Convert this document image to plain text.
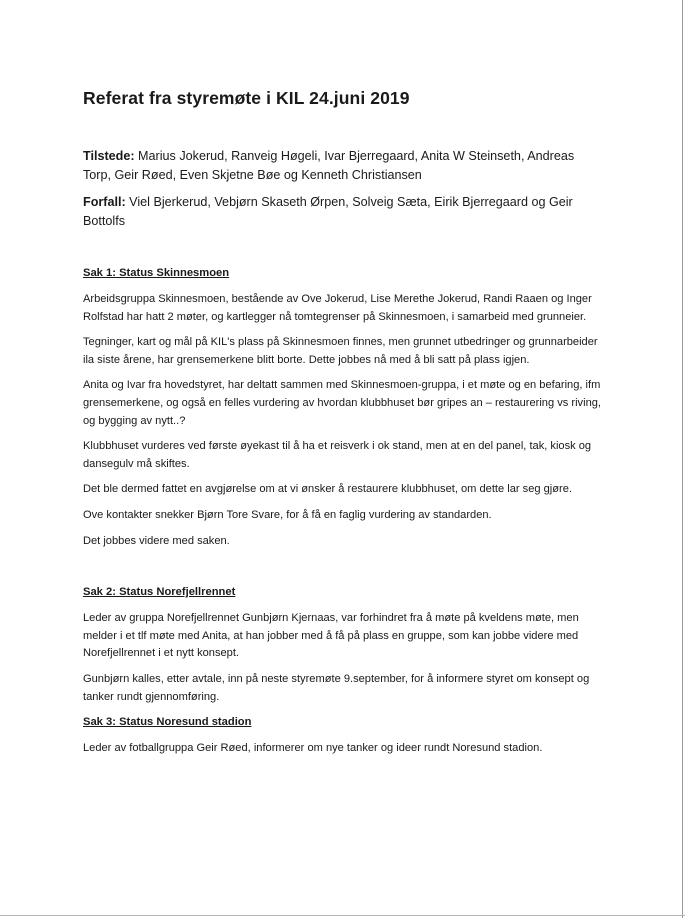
Referat fra styremøte i KIL 24.juni 2019

Tilstede: Marius Jokerud, Ranveig Høgeli, Ivar Bjerregaard, Anita W Steinseth, Andreas Torp, Geir Røed, Even Skjetne Bøe og Kenneth Christiansen

Forfall: Viel Bjerkerud, Vebjørn Skaseth Ørpen, Solveig Sæta, Eirik Bjerregaard og Geir Bottolfs

Sak 1: Status Skinnesmoen

Arbeidsgruppa Skinnesmoen, bestående av Ove Jokerud, Lise Merethe Jokerud, Randi Raaen og Inger Rolfstad har hatt 2 møter, og kartlegger nå tomtegrenser på Skinnesmoen, i samarbeid med grunneier.

Tegninger, kart og mål på KIL's plass på Skinnesmoen finnes, men grunnet utbedringer og grunnarbeider ila siste årene, har grensemerkene blitt borte. Dette jobbes nå med å bli satt på plass igjen.

Anita og Ivar fra hovedstyret, har deltatt sammen med Skinnesmoen-gruppa, i et møte og en befaring, ifm grensemerkene, og også en felles vurdering av hvordan klubbhuset bør gripes an – restaurering vs riving, og bygging av nytt..?

Klubbhuset vurderes ved første øyekast til å ha et reisverk i ok stand, men at en del panel, tak, kiosk og dansegulv må skiftes.

Det ble dermed fattet en avgjørelse om at vi ønsker å restaurere klubbhuset, om dette lar seg gjøre.

Ove kontakter snekker Bjørn Tore Svare, for å få en faglig vurdering av standarden.

Det jobbes videre med saken.

Sak 2: Status Norefjellrennet

Leder av gruppa Norefjellrennet Gunbjørn Kjernaas, var forhindret fra å møte på kveldens møte, men melder i et tlf møte med Anita, at han jobber med å få på plass en gruppe, som kan jobbe videre med Norefjellrennet i et nytt konsept.

Gunbjørn kalles, etter avtale, inn på neste styremøte 9.september, for å informere styret om konsept og tanker rundt gjennomføring.

Sak 3: Status Noresund stadion

Leder av fotballgruppa Geir Røed, informerer om nye tanker og ideer rundt Noresund stadion.
